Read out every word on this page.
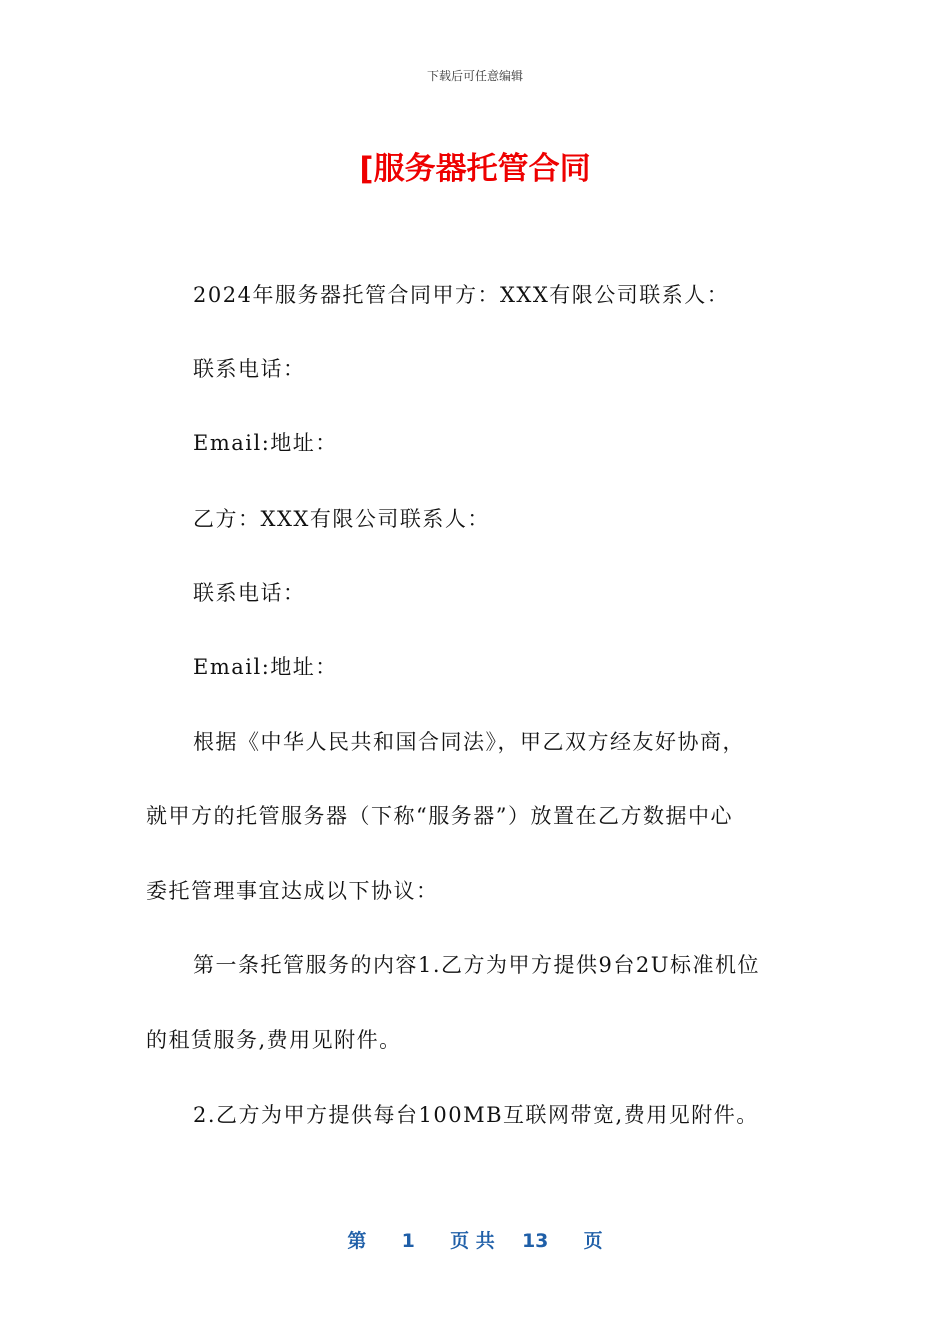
下载后可任意编辑
[服务器托管合同
2024年服务器托管合同甲方：XXX有限公司联系人：
联系电话：
Email:地址：
乙方：XXX有限公司联系人：
联系电话：
Email:地址：
根据《中华人民共和国合同法》，甲乙双方经友好协商，
就甲方的托管服务器（下称“服务器”）放置在乙方数据中心
委托管理事宜达成以下协议：
第一条托管服务的内容1.乙方为甲方提供9台2U标准机位
的租赁服务,费用见附件。
2.乙方为甲方提供每台100MB互联网带宽,费用见附件。
第 1 页 共 13 页
